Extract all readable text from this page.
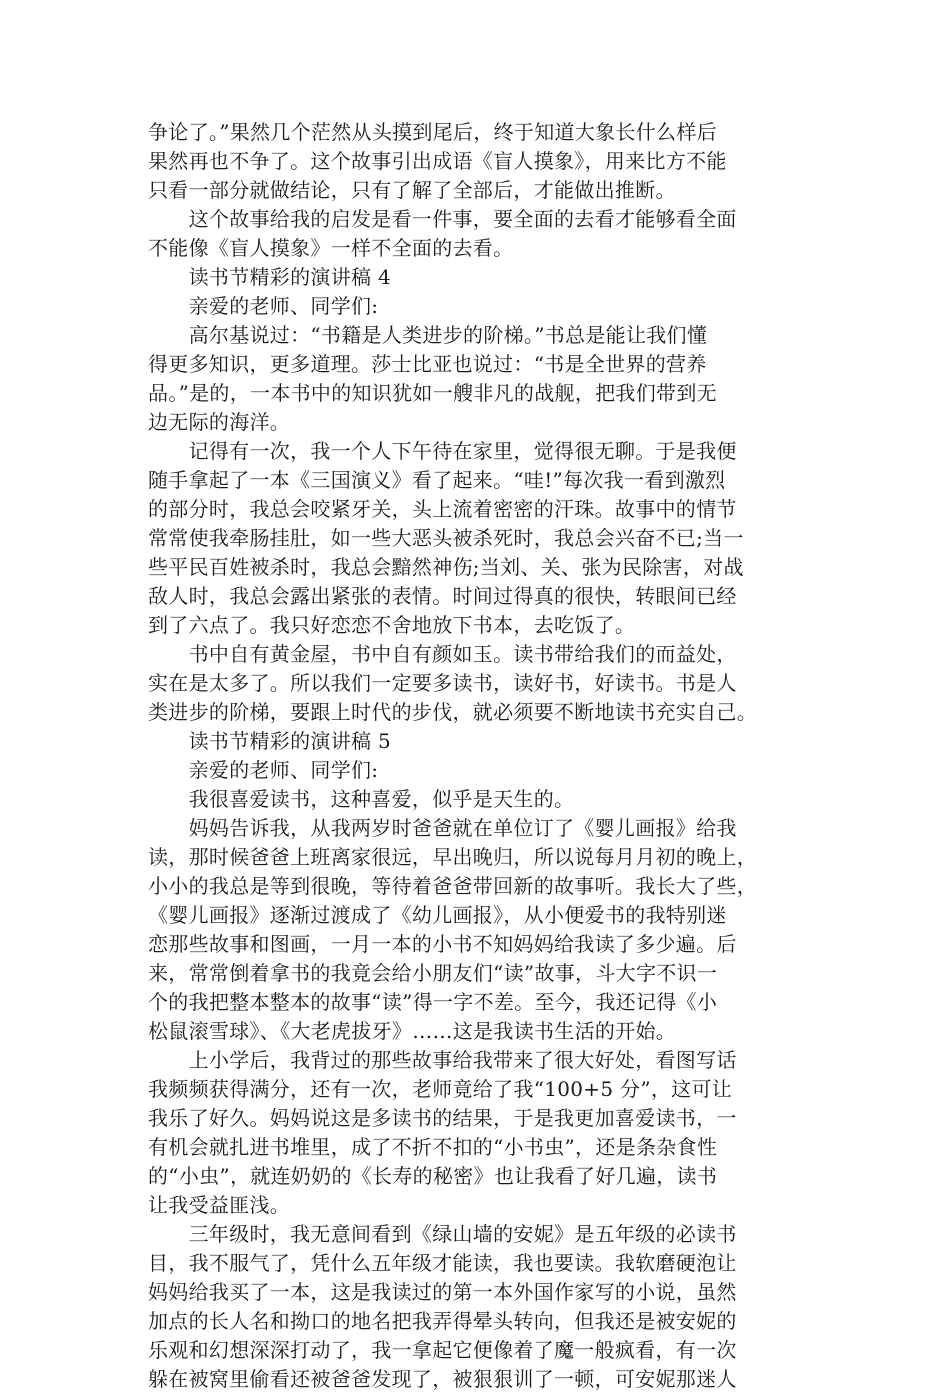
争论了。”果然几个茫然从头摸到尾后，终于知道大象长什么样后
果然再也不争了。这个故事引出成语《盲人摸象》，用来比方不能
只看一部分就做结论，只有了解了全部后，才能做出推断。
　　这个故事给我的启发是看一件事，要全面的去看才能够看全面
不能像《盲人摸象》一样不全面的去看。
　　读书节精彩的演讲稿 4
　　亲爱的老师、同学们:
　　高尔基说过：“书籍是人类进步的阶梯。”书总是能让我们懂
得更多知识，更多道理。莎士比亚也说过：“书是全世界的营养
品。”是的，一本书中的知识犹如一艘非凡的战舰，把我们带到无
边无际的海洋。
　　记得有一次，我一个人下午待在家里，觉得很无聊。于是我便
随手拿起了一本《三国演义》看了起来。“哇!”每次我一看到激烈
的部分时，我总会咬紧牙关，头上流着密密的汗珠。故事中的情节
常常使我牵肠挂肚，如一些大恶头被杀死时，我总会兴奋不已;当一
些平民百姓被杀时，我总会黯然神伤;当刘、关、张为民除害，对战
敌人时，我总会露出紧张的表情。时间过得真的很快，转眼间已经
到了六点了。我只好恋恋不舍地放下书本，去吃饭了。
　　书中自有黄金屋，书中自有颜如玉。读书带给我们的而益处，
实在是太多了。所以我们一定要多读书，读好书，好读书。书是人
类进步的阶梯，要跟上时代的步伐，就必须要不断地读书充实自己。
　　读书节精彩的演讲稿 5
　　亲爱的老师、同学们:
　　我很喜爱读书，这种喜爱，似乎是天生的。
　　妈妈告诉我，从我两岁时爸爸就在单位订了《婴儿画报》给我
读，那时候爸爸上班离家很远，早出晚归，所以说每月月初的晚上，
小小的我总是等到很晚，等待着爸爸带回新的故事听。我长大了些，
《婴儿画报》逐渐过渡成了《幼儿画报》，从小便爱书的我特别迷
恋那些故事和图画，一月一本的小书不知妈妈给我读了多少遍。后
来，常常倒着拿书的我竟会给小朋友们“读”故事，斗大字不识一
个的我把整本整本的故事“读”得一字不差。至今，我还记得《小
松鼠滚雪球》、《大老虎拔牙》……这是我读书生活的开始。
　　上小学后，我背过的那些故事给我带来了很大好处，看图写话
我频频获得满分，还有一次，老师竟给了我“100+5 分”，这可让
我乐了好久。妈妈说这是多读书的结果，于是我更加喜爱读书，一
有机会就扎进书堆里，成了不折不扣的“小书虫”，还是条杂食性
的“小虫”，就连奶奶的《长寿的秘密》也让我看了好几遍，读书
让我受益匪浅。
　　三年级时，我无意间看到《绿山墙的安妮》是五年级的必读书
目，我不服气了，凭什么五年级才能读，我也要读。我软磨硬泡让
妈妈给我买了一本，这是我读过的第一本外国作家写的小说，虽然
加点的长人名和拗口的地名把我弄得晕头转向，但我还是被安妮的
乐观和幻想深深打动了，我一拿起它便像着了魔一般疯看，有一次
躲在被窝里偷看还被爸爸发现了，被狠狠训了一顿，可安妮那迷人
